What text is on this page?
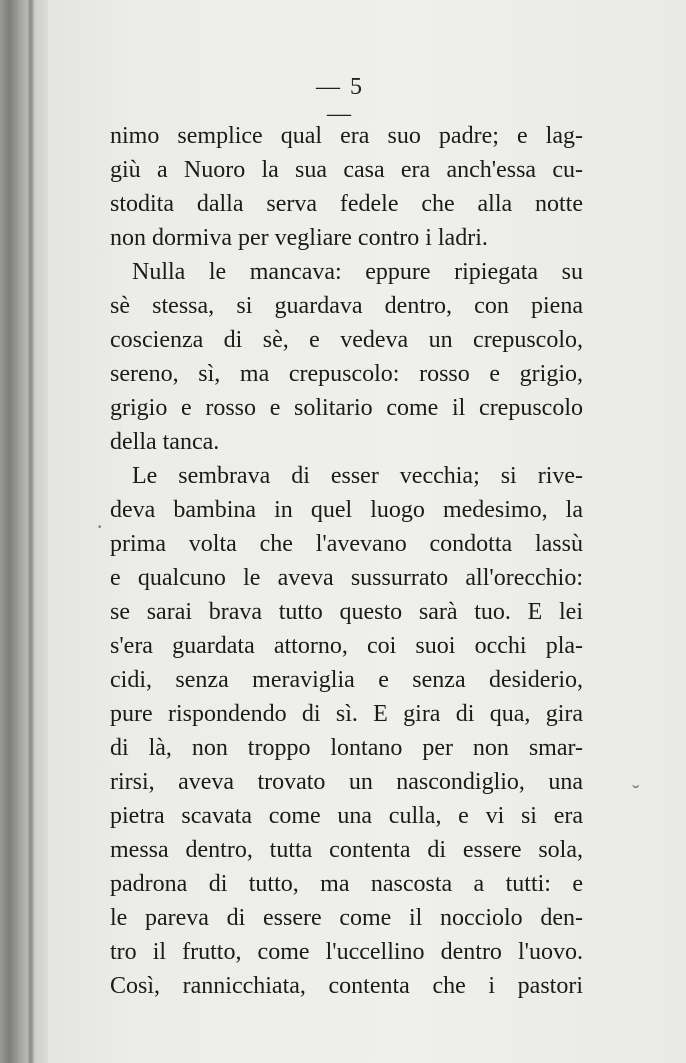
— 5 —
nimo semplice qual era suo padre; e lag-
giù a Nuoro la sua casa era anch'essa cu-
stodita dalla serva fedele che alla notte
non dormiva per vegliare contro i ladri.
Nulla le mancava: eppure ripiegata su
sè stessa, si guardava dentro, con piena
coscienza di sè, e vedeva un crepuscolo,
sereno, sì, ma crepuscolo: rosso e grigio,
grigio e rosso e solitario come il crepuscolo
della tanca.
Le sembrava di esser vecchia; si rive-
deva bambina in quel luogo medesimo, la
prima volta che l'avevano condotta lassù
e qualcuno le aveva sussurrato all'orecchio:
se sarai brava tutto questo sarà tuo. E lei
s'era guardata attorno, coi suoi occhi pla-
cidi, senza meraviglia e senza desiderio,
pure rispondendo di sì. E gira di qua, gira
di là, non troppo lontano per non smar-
rirsi, aveva trovato un nascondiglio, una
pietra scavata come una culla, e vi si era
messa dentro, tutta contenta di essere sola,
padrona di tutto, ma nascosta a tutti: e
le pareva di essere come il nocciolo den-
tro il frutto, come l'uccellino dentro l'uovo.
Così, rannicchiata, contenta che i pastori
·
˘
